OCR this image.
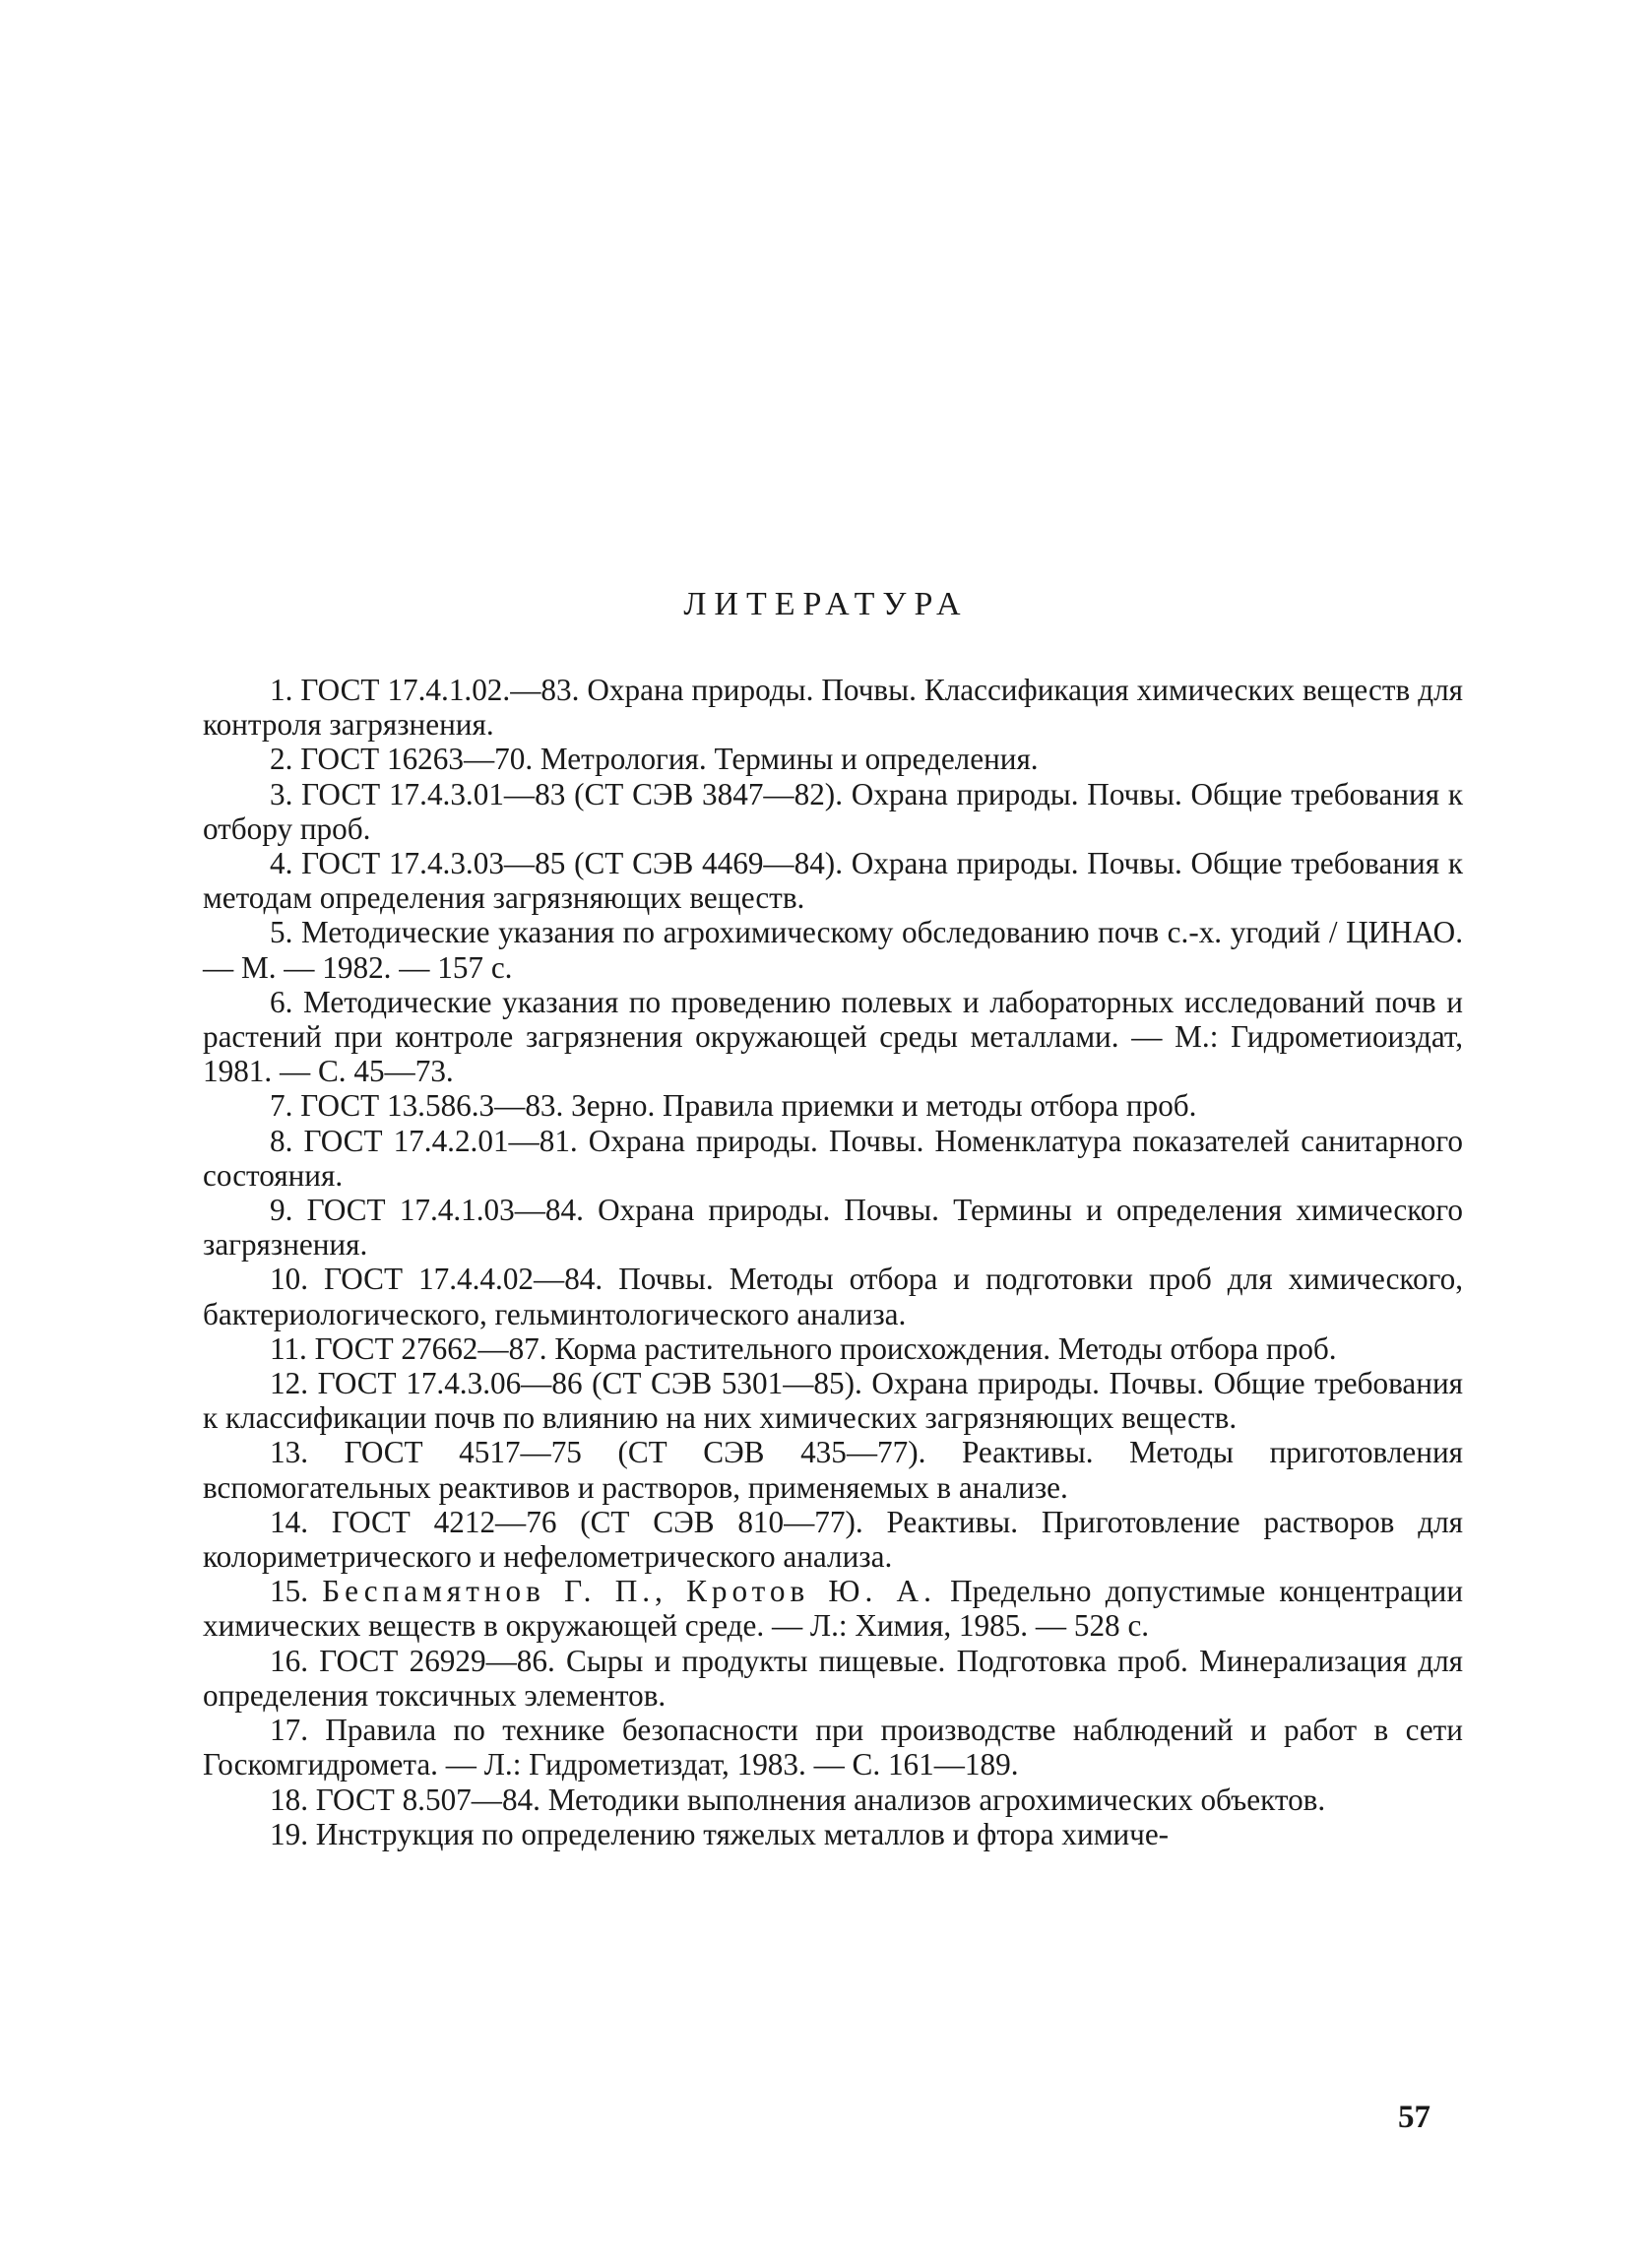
ЛИТЕРАТУРА

1. ГОСТ 17.4.1.02.—83. Охрана природы. Почвы. Классификация химических веществ для контроля загрязнения.

2. ГОСТ 16263—70. Метрология. Термины и определения.

3. ГОСТ 17.4.3.01—83 (СТ СЭВ 3847—82). Охрана природы. Почвы. Общие требования к отбору проб.

4. ГОСТ 17.4.3.03—85 (СТ СЭВ 4469—84). Охрана природы. Почвы. Общие требования к методам определения загрязняющих веществ.

5. Методические указания по агрохимическому обследованию почв с.-х. угодий / ЦИНАО. — М. — 1982. — 157 с.

6. Методические указания по проведению полевых и лабораторных исследований почв и растений при контроле загрязнения окружающей среды металлами. — М.: Гидрометиоиздат, 1981. — С. 45—73.

7. ГОСТ 13.586.3—83. Зерно. Правила приемки и методы отбора проб.

8. ГОСТ 17.4.2.01—81. Охрана природы. Почвы. Номенклатура показателей санитарного состояния.

9. ГОСТ 17.4.1.03—84. Охрана природы. Почвы. Термины и определения химического загрязнения.

10. ГОСТ 17.4.4.02—84. Почвы. Методы отбора и подготовки проб для химического, бактериологического, гельминтологического анализа.

11. ГОСТ 27662—87. Корма растительного происхождения. Методы отбора проб.

12. ГОСТ 17.4.3.06—86 (СТ СЭВ 5301—85). Охрана природы. Почвы. Общие требования к классификации почв по влиянию на них химических загрязняющих веществ.

13. ГОСТ 4517—75 (СТ СЭВ 435—77). Реактивы. Методы приготовления вспомогательных реактивов и растворов, применяемых в анализе.

14. ГОСТ 4212—76 (СТ СЭВ 810—77). Реактивы. Приготовление растворов для колориметрического и нефелометрического анализа.

15. Беспамятнов Г. П., Кротов Ю. А. Предельно допустимые концентрации химических веществ в окружающей среде. — Л.: Химия, 1985. — 528 с.

16. ГОСТ 26929—86. Сыры и продукты пищевые. Подготовка проб. Минерализация для определения токсичных элементов.

17. Правила по технике безопасности при производстве наблюдений и работ в сети Госкомгидромета. — Л.: Гидрометиздат, 1983. — С. 161—189.

18. ГОСТ 8.507—84. Методики выполнения анализов агрохимических объектов.

19. Инструкция по определению тяжелых металлов и фтора химиче-

57
